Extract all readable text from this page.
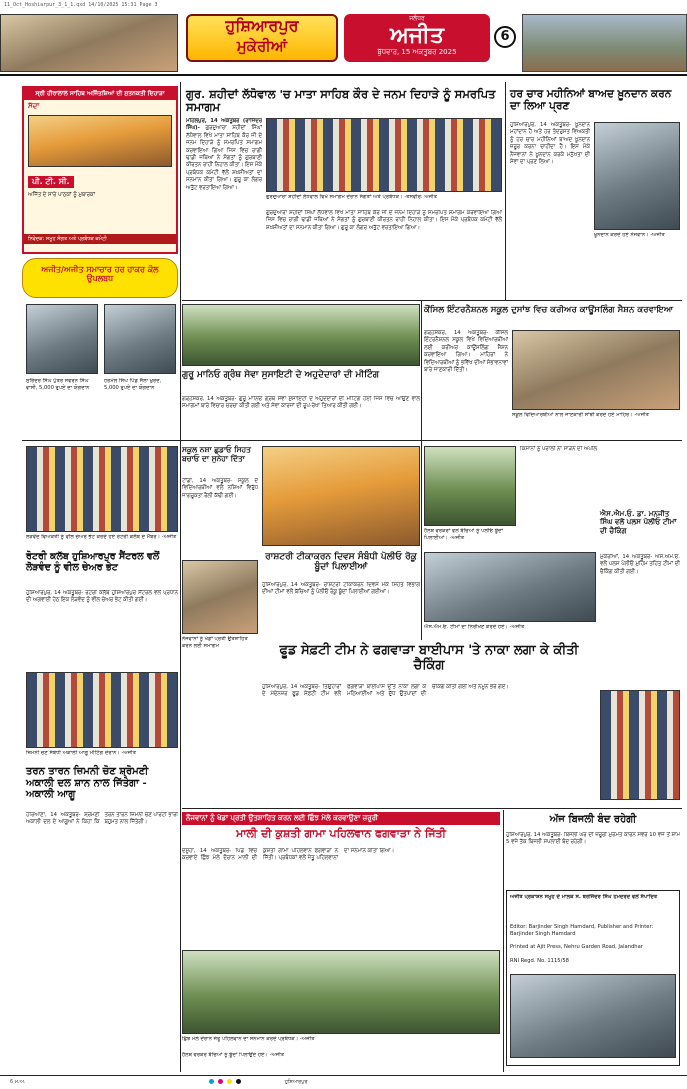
11_Oct_Hoshiarpur_3_1_1.qxd 14/10/2025 15:31 Page 3
ਹੁਸ਼ਿਆਰਪੁਰ
ਮੁਕੇਰੀਆਂ
ਜਲੰਧਰ
ਅਜੀਤ
ਬੁੱਧਵਾਰ, 15 ਅਕਤੂਬਰ 2025
6
ਸ੍ਰੀ ਹੀਰਾਲਾਲ ਸਾਹਿਬ ਅਜਿੱਤਸ਼ਿਆਂ ਦੀ ਸੁਤਨਕਤੀ ਦਿਹਾੜਾ
ਸੱਦਾ
ਪੀ. ਟੀ. ਸੀ.
ਅਜਿੱਤ ਦੇ ਸਾਰੇ ਪਾਠਕਾਂ ਨੂੰ ਮੁਬਾਰਕਾਂ
ਨਿਵੇਦਕ: ਸਮੂਹ ਸੰਗਤ ਅਤੇ ਪ੍ਰਬੰਧਕ ਕਮੇਟੀ
ਅਜੀਤ/ਅਜੀਤ ਸਮਾਚਾਰ ਹਰ ਹਾਕਰ ਕੋਲ ਉਪਲਬਧ
ਗੁਰ. ਸ਼ਹੀਦਾਂ ਲੱਧੋਵਾਲ 'ਚ ਮਾਤਾ ਸਾਹਿਬ ਕੌਰ ਦੇ ਜਨਮ ਦਿਹਾੜੇ ਨੂੰ ਸਮਰਪਿਤ ਸਮਾਗਮ
ਮਹਿਲਪੁਰ, 14 ਅਕਤੂਬਰ (ਰਾਜਿੰਦਰ ਸਿੰਘ)- ਗੁਰਦੁਆਰਾ ਸ਼ਹੀਦਾਂ ਸਿੰਘਾਂ ਲੱਧੋਵਾਲ ਵਿਖੇ ਮਾਤਾ ਸਾਹਿਬ ਕੌਰ ਜੀ ਦੇ ਜਨਮ ਦਿਹਾੜੇ ਨੂੰ ਸਮਰਪਿਤ ਸਮਾਗਮ ਕਰਵਾਇਆ ਗਿਆ ਜਿਸ ਵਿਚ ਰਾਗੀ ਢਾਡੀ ਜਥਿਆਂ ਨੇ ਸੰਗਤਾਂ ਨੂੰ ਗੁਰਬਾਣੀ ਕੀਰਤਨ ਰਾਹੀਂ ਨਿਹਾਲ ਕੀਤਾ। ਇਸ ਮੌਕੇ ਪ੍ਰਬੰਧਕ ਕਮੇਟੀ ਵੱਲੋਂ ਸ਼ਖ਼ਸੀਅਤਾਂ ਦਾ ਸਨਮਾਨ ਕੀਤਾ ਗਿਆ। ਗੁਰੂ ਕਾ ਲੰਗਰ ਅਤੁੱਟ ਵਰਤਾਇਆ ਗਿਆ।
ਗੁਰਦੁਆਰਾ ਸ਼ਹੀਦਾਂ ਲੱਧੋਵਾਲ ਵਿਖੇ ਸਮਾਗਮ ਦੌਰਾਨ ਸੰਗਤਾਂ ਅਤੇ ਪ੍ਰਬੰਧਕ। -ਤਸਵੀਰ: ਅਜੀਤ
ਗੁਰਦੁਆਰਾ ਸ਼ਹੀਦਾਂ ਸਿੰਘਾਂ ਲੱਧੋਵਾਲ ਵਿਖੇ ਮਾਤਾ ਸਾਹਿਬ ਕੌਰ ਜੀ ਦੇ ਜਨਮ ਦਿਹਾੜੇ ਨੂੰ ਸਮਰਪਿਤ ਸਮਾਗਮ ਕਰਵਾਇਆ ਗਿਆ ਜਿਸ ਵਿਚ ਰਾਗੀ ਢਾਡੀ ਜਥਿਆਂ ਨੇ ਸੰਗਤਾਂ ਨੂੰ ਗੁਰਬਾਣੀ ਕੀਰਤਨ ਰਾਹੀਂ ਨਿਹਾਲ ਕੀਤਾ। ਇਸ ਮੌਕੇ ਪ੍ਰਬੰਧਕ ਕਮੇਟੀ ਵੱਲੋਂ ਸ਼ਖ਼ਸੀਅਤਾਂ ਦਾ ਸਨਮਾਨ ਕੀਤਾ ਗਿਆ। ਗੁਰੂ ਕਾ ਲੰਗਰ ਅਤੁੱਟ ਵਰਤਾਇਆ ਗਿਆ।
ਹਰ ਚਾਰ ਮਹੀਨਿਆਂ ਬਾਅਦ ਖ਼ੂਨਦਾਨ ਕਰਨ ਦਾ ਲਿਆ ਪ੍ਰਣ
ਹੁਸ਼ਿਆਰਪੁਰ, 14 ਅਕਤੂਬਰ- ਖ਼ੂਨਦਾਨ ਮਹਾਂਦਾਨ ਹੈ ਅਤੇ ਹਰ ਤੰਦਰੁਸਤ ਵਿਅਕਤੀ ਨੂੰ ਹਰ ਚਾਰ ਮਹੀਨਿਆਂ ਬਾਅਦ ਖ਼ੂਨਦਾਨ ਜ਼ਰੂਰ ਕਰਨਾ ਚਾਹੀਦਾ ਹੈ। ਇਸ ਮੌਕੇ ਨੌਜਵਾਨਾਂ ਨੇ ਖ਼ੂਨਦਾਨ ਕਰਕੇ ਮਨੁੱਖਤਾ ਦੀ ਸੇਵਾ ਦਾ ਪ੍ਰਣ ਲਿਆ।
ਖ਼ੂਨਦਾਨ ਕਰਦੇ ਹੋਏ ਨੌਜਵਾਨ। -ਅਜੀਤ
ਸੁਰਿੰਦਰ ਸਿੰਘ ਪੁੱਤਰ ਸਵਰਨ ਸਿੰਘ ਵਾਸੀ, 5,000 ਰੁਪਏ ਦਾ ਯੋਗਦਾਨ
ਹਰਮੇਲ ਸਿੰਘ ਪਿੰਡ ਸੈਲਾ ਖ਼ੁਰਦ, 5,000 ਰੁਪਏ ਦਾ ਯੋਗਦਾਨ
ਗੁਰੂ ਮਾਨਿਓ ਗ੍ਰੰਥ ਸੇਵਾ ਸੁਸਾਇਟੀ ਦੇ ਅਹੁਦੇਦਾਰਾਂ ਦੀ ਮੀਟਿੰਗ
ਗੜ੍ਹਸ਼ੰਕਰ, 14 ਅਕਤੂਬਰ- ਗੁਰੂ ਮਾਨਿਓ ਗ੍ਰੰਥ ਸੇਵਾ ਸੁਸਾਇਟੀ ਦੇ ਅਹੁਦੇਦਾਰਾਂ ਦੀ ਮੀਟਿੰਗ ਹੋਈ ਜਿਸ ਵਿਚ ਆਉਣ ਵਾਲੇ ਸਮਾਗਮਾਂ ਬਾਰੇ ਵਿਚਾਰ ਚਰਚਾ ਕੀਤੀ ਗਈ ਅਤੇ ਸੇਵਾ ਕਾਰਜਾਂ ਦੀ ਰੂਪ-ਰੇਖਾ ਤਿਆਰ ਕੀਤੀ ਗਈ।
ਕੌਂਸਿਲ ਇੰਟਰਨੈਸ਼ਨਲ ਸਕੂਲ ਦੁਸਾਂਝ ਵਿਚ ਕਰੀਅਰ ਕਾਊਂਸਲਿੰਗ ਸੈਸ਼ਨ ਕਰਵਾਇਆ
ਗੜ੍ਹਸ਼ੰਕਰ, 14 ਅਕਤੂਬਰ- ਕੌਂਸਿਲ ਇੰਟਰਨੈਸ਼ਨਲ ਸਕੂਲ ਵਿਖੇ ਵਿਦਿਆਰਥੀਆਂ ਲਈ ਕਰੀਅਰ ਕਾਊਂਸਲਿੰਗ ਸੈਸ਼ਨ ਕਰਵਾਇਆ ਗਿਆ। ਮਾਹਿਰਾਂ ਨੇ ਵਿਦਿਆਰਥੀਆਂ ਨੂੰ ਭਵਿੱਖ ਦੀਆਂ ਸੰਭਾਵਨਾਵਾਂ ਬਾਰੇ ਜਾਣਕਾਰੀ ਦਿੱਤੀ।
ਸਕੂਲ ਵਿਦਿਆਰਥੀਆਂ ਨਾਲ ਜਾਣਕਾਰੀ ਸਾਂਝੀ ਕਰਦੇ ਹੋਏ ਮਾਹਿਰ। -ਅਜੀਤ
ਲੋੜਵੰਦ ਵਿਅਕਤੀ ਨੂੰ ਵੀਲ ਚੇਅਰ ਭੇਟ ਕਰਦੇ ਹੋਏ ਰੋਟਰੀ ਕਲੱਬ ਦੇ ਮੈਂਬਰ। -ਅਜੀਤ
ਰੋਟਰੀ ਕਲੱਬ ਹੁਸ਼ਿਆਰਪੁਰ ਸੈਂਟਰਲ ਵਲੋਂ ਲੋੜਵੰਦ ਨੂੰ ਵੀਲ ਚੇਅਰ ਭੇਟ
ਹੁਸ਼ਿਆਰਪੁਰ, 14 ਅਕਤੂਬਰ- ਰੋਟਰੀ ਕਲੱਬ ਹੁਸ਼ਿਆਰਪੁਰ ਸੈਂਟਰਲ ਵਲੋਂ ਪ੍ਰਧਾਨ ਦੀ ਅਗਵਾਈ ਹੇਠ ਇਕ ਲੋੜਵੰਦ ਨੂੰ ਵੀਲ ਚੇਅਰ ਭੇਟ ਕੀਤੀ ਗਈ।
ਸਕੂਲ ਨਸ਼ਾ ਛੁਡਾਓ ਸਿਹਤ ਬਚਾਓ ਦਾ ਸੁਨੇਹਾ ਦਿੱਤਾ
ਟਾਂਡਾ, 14 ਅਕਤੂਬਰ- ਸਕੂਲ ਦੇ ਵਿਦਿਆਰਥੀਆਂ ਵਲੋਂ ਨਸ਼ਿਆਂ ਵਿਰੁੱਧ ਜਾਗਰੂਕਤਾ ਰੈਲੀ ਕੱਢੀ ਗਈ।
ਰਾਸ਼ਟਰੀ ਟੀਕਾਕਰਨ ਦਿਵਸ ਸੰਬੰਧੀ ਪੋਲੀਓ ਰੋਕੂ ਬੂੰਦਾਂ ਪਿਲਾਈਆਂ
ਹੁਸ਼ਿਆਰਪੁਰ, 14 ਅਕਤੂਬਰ- ਰਾਸ਼ਟਰੀ ਟੀਕਾਕਰਨ ਦਿਵਸ ਮੌਕੇ ਸਿਹਤ ਵਿਭਾਗ ਦੀਆਂ ਟੀਮਾਂ ਵਲੋਂ ਬੱਚਿਆਂ ਨੂੰ ਪੋਲੀਓ ਰੋਕੂ ਬੂੰਦਾਂ ਪਿਲਾਈਆਂ ਗਈਆਂ।
ਹੈਲਥ ਵਰਕਰਾਂ ਵਲੋਂ ਬੱਚਿਆਂ ਨੂੰ ਪੋਲੀਓ ਬੂੰਦਾਂ ਪਿਲਾਈਆਂ। -ਅਜੀਤ
ਕਿਸਾਨਾਂ ਨੂੰ ਪਰਾਲੀ ਨਾ ਸਾੜਨ ਦੀ ਅਪੀਲ
ਐਸ.ਐਮ.ਓ. ਡਾ. ਮਨਜੀਤ ਸਿੰਘ ਵਲੋਂ ਪਲਸ ਪੋਲੀਓ ਟੀਮਾਂ ਦੀ ਚੈਕਿੰਗ
ਮੁਕੇਰੀਆਂ, 14 ਅਕਤੂਬਰ- ਐਸ.ਐਮ.ਓ. ਵਲੋਂ ਪਲਸ ਪੋਲੀਓ ਮੁਹਿੰਮ ਤਹਿਤ ਟੀਮਾਂ ਦੀ ਚੈਕਿੰਗ ਕੀਤੀ ਗਈ।
ਐਸ.ਐਮ.ਓ. ਟੀਮਾਂ ਦਾ ਨਿਰੀਖਣ ਕਰਦੇ ਹੋਏ। -ਅਜੀਤ
ਨੌਜਵਾਨਾਂ ਨੂੰ ਖੇਡਾਂ ਪ੍ਰਤੀ ਉਤਸ਼ਾਹਿਤ ਕਰਨ ਲਈ ਸਮਾਗਮ	ਫੂਡ ਸੇਫ਼ਟੀ ਟੀਮ ਨੇ ਫਗਵਾੜਾ ਬਾਈਪਾਸ 'ਤੇ ਨਾਕਾ ਲਗਾ ਕੇ ਕੀਤੀ ਚੈਕਿੰਗ
ਹੁਸ਼ਿਆਰਪੁਰ, 14 ਅਕਤੂਬਰ- ਤਿਉਹਾਰਾਂ ਦੇ ਮੱਦੇਨਜ਼ਰ ਫੂਡ ਸੇਫ਼ਟੀ ਟੀਮ ਵਲੋਂ ਫਗਵਾੜਾ ਬਾਈਪਾਸ ਉੱਤੇ ਨਾਕਾ ਲਗਾ ਕੇ ਮਠਿਆਈਆਂ ਅਤੇ ਦੁੱਧ ਉਤਪਾਦਾਂ ਦੀ ਚੈਕਿੰਗ ਕੀਤੀ ਗਈ ਅਤੇ ਨਮੂਨੇ ਭਰੇ ਗਏ।
ਜ਼ਿਮਨੀ ਚੋਣ ਸੰਬੰਧੀ ਅਕਾਲੀ ਆਗੂ ਮੀਟਿੰਗ ਦੌਰਾਨ। -ਅਜੀਤ
ਤਰਨ ਤਾਰਨ ਜ਼ਿਮਨੀ ਚੋਣ ਸ਼੍ਰੋਮਣੀ ਅਕਾਲੀ ਦਲ ਸ਼ਾਨ ਨਾਲ ਜਿੱਤੇਗਾ - ਅਕਾਲੀ ਆਗੂ
ਹਰਿਆਣਾ, 14 ਅਕਤੂਬਰ- ਸ਼੍ਰੋਮਣੀ ਅਕਾਲੀ ਦਲ ਦੇ ਆਗੂਆਂ ਨੇ ਕਿਹਾ ਕਿ ਤਰਨ ਤਾਰਨ ਜ਼ਿਮਨੀ ਚੋਣ ਪਾਰਟੀ ਭਾਰੀ ਬਹੁਮਤ ਨਾਲ ਜਿੱਤੇਗੀ।
ਨੌਜਵਾਨਾਂ ਨੂੰ ਖੇਡਾਂ ਪ੍ਰਤੀ ਉਤਸ਼ਾਹਿਤ ਕਰਨ ਲਈ ਛਿੰਝ ਮੇਲੇ ਕਰਵਾਉਣਾ ਜ਼ਰੂਰੀ
ਮਾਲੀ ਦੀ ਕੁਸ਼ਤੀ ਗਾਮਾ ਪਹਿਲਵਾਨ ਫਗਵਾੜਾ ਨੇ ਜਿੱਤੀ
ਦਸੂਹਾ, 14 ਅਕਤੂਬਰ- ਪਿੰਡ ਵਿਚ ਕਰਵਾਏ ਛਿੰਝ ਮੇਲੇ ਦੌਰਾਨ ਮਾਲੀ ਦੀ ਕੁਸ਼ਤੀ ਗਾਮਾ ਪਹਿਲਵਾਨ ਫਗਵਾੜਾ ਨੇ ਜਿੱਤੀ। ਪ੍ਰਬੰਧਕਾਂ ਵਲੋਂ ਜੇਤੂ ਪਹਿਲਵਾਨਾਂ ਦਾ ਸਨਮਾਨ ਕੀਤਾ ਗਿਆ।
ਛਿੰਝ ਮੇਲੇ ਦੌਰਾਨ ਜੇਤੂ ਪਹਿਲਵਾਨ ਦਾ ਸਨਮਾਨ ਕਰਦੇ ਪ੍ਰਬੰਧਕ। -ਅਜੀਤ
ਹੈਲਥ ਵਰਕਰ ਬੱਚਿਆਂ ਨੂੰ ਬੂੰਦਾਂ ਪਿਲਾਉਂਦੇ ਹੋਏ। -ਅਜੀਤ
ਅੱਜ ਬਿਜਲੀ ਬੰਦ ਰਹੇਗੀ
ਹੁਸ਼ਿਆਰਪੁਰ, 14 ਅਕਤੂਬਰ- ਬਿਜਲੀ ਘਰ ਦੀ ਜ਼ਰੂਰੀ ਮੁਰੰਮਤ ਕਾਰਨ ਸਵੇਰੇ 10 ਵਜੇ ਤੋਂ ਸ਼ਾਮ 5 ਵਜੇ ਤੱਕ ਬਿਜਲੀ ਸਪਲਾਈ ਬੰਦ ਰਹੇਗੀ।
ਅਜੀਤ ਪ੍ਰਕਾਸ਼ਨ ਸਮੂਹ ਦੇ ਮਾਲਕ ਸ. ਬਰਜਿੰਦਰ ਸਿੰਘ ਹਮਦਰਦ ਵਲੋਂ ਸੰਪਾਦਿਤ
Editor: Barjinder Singh Hamdard, Publisher and Printer: Barjinder Singh Hamdard
Printed at Ajit Press, Nehru Garden Road, Jalandhar
RNI Regd. No. 1115/58
6 ਮ.ਅ.	ਹੁਸ਼ਿਆਰਪੁਰ
